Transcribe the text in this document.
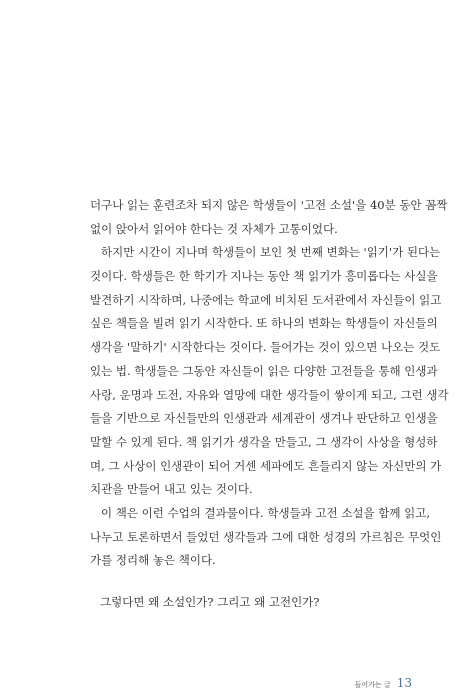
더구나 읽는 훈련조차 되지 않은 학생들이 '고전 소설'을 40분 동안 꼼짝
없이 앉아서 읽어야 한다는 것 자체가 고통이었다.
하지만 시간이 지나며 학생들이 보인 첫 번째 변화는 '읽기'가 된다는
것이다. 학생들은 한 학기가 지나는 동안 책 읽기가 흥미롭다는 사실을
발견하기 시작하며, 나중에는 학교에 비치된 도서관에서 자신들이 읽고
싶은 책들을 빌려 읽기 시작한다. 또 하나의 변화는 학생들이 자신들의
생각을 '말하기' 시작한다는 것이다. 들어가는 것이 있으면 나오는 것도
있는 법. 학생들은 그동안 자신들이 읽은 다양한 고전들을 통해 인생과
사랑, 운명과 도전, 자유와 열망에 대한 생각들이 쌓이게 되고, 그런 생각
들을 기반으로 자신들만의 인생관과 세계관이 생겨나 판단하고 인생을
말할 수 있게 된다. 책 읽기가 생각을 만들고, 그 생각이 사상을 형성하
며, 그 사상이 인생관이 되어 거센 세파에도 흔들리지 않는 자신만의 가
치관을 만들어 내고 있는 것이다.
이 책은 이런 수업의 결과물이다. 학생들과 고전 소설을 함께 읽고,
나누고 토론하면서 들었던 생각들과 그에 대한 성경의 가르침은 무엇인
가를 정리해 놓은 책이다.
그렇다면 왜 소설인가? 그리고 왜 고전인가?
들어가는 글 13
